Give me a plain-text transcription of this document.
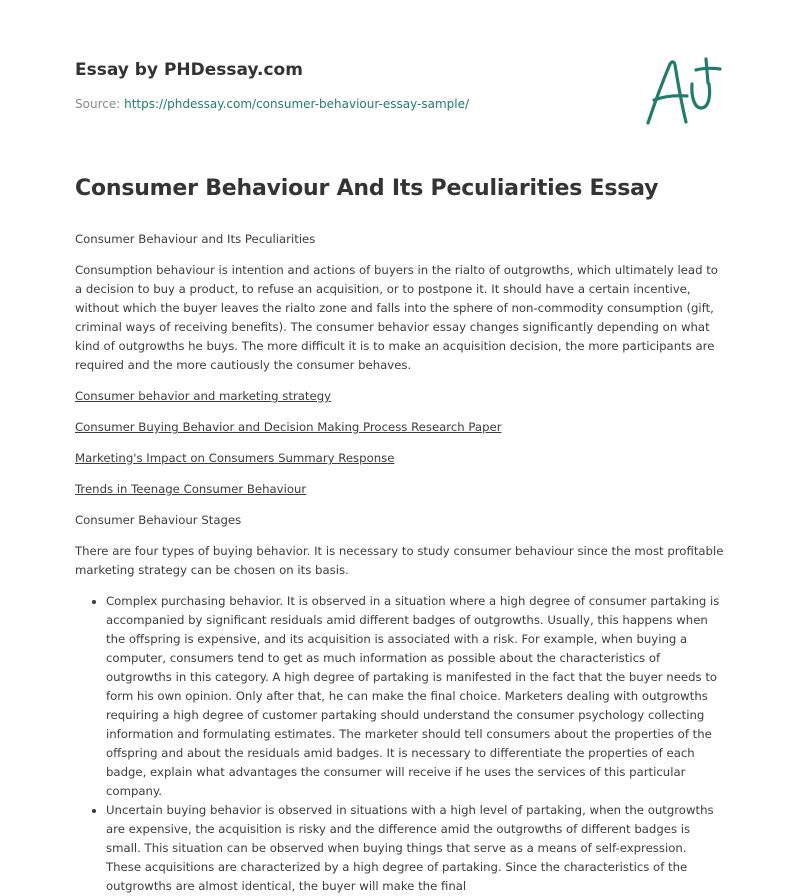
Essay by PHDessay.com
Source: https://phdessay.com/consumer-behaviour-essay-sample/
Consumer Behaviour And Its Peculiarities Essay

Consumer Behaviour and Its Peculiarities

Consumption behaviour is intention and actions of buyers in the rialto of outgrowths, which ultimately lead to a decision to buy a product, to refuse an acquisition, or to postpone it. It should have a certain incentive, without which the buyer leaves the rialto zone and falls into the sphere of non-commodity consumption (gift, criminal ways of receiving benefits). The consumer behavior essay changes significantly depending on what kind of outgrowths he buys. The more difficult it is to make an acquisition decision, the more participants are required and the more cautiously the consumer behaves.

Consumer behavior and marketing strategy

Consumer Buying Behavior and Decision Making Process Research Paper

Marketing's Impact on Consumers Summary Response

Trends in Teenage Consumer Behaviour

Consumer Behaviour Stages

There are four types of buying behavior. It is necessary to study consumer behaviour since the most profitable marketing strategy can be chosen on its basis.

• Complex purchasing behavior. It is observed in a situation where a high degree of consumer partaking is accompanied by significant residuals amid different badges of outgrowths. Usually, this happens when the offspring is expensive, and its acquisition is associated with a risk. For example, when buying a computer, consumers tend to get as much information as possible about the characteristics of outgrowths in this category. A high degree of partaking is manifested in the fact that the buyer needs to form his own opinion. Only after that, he can make the final choice. Marketers dealing with outgrowths requiring a high degree of customer partaking should understand the consumer psychology collecting information and formulating estimates. The marketer should tell consumers about the properties of the offspring and about the residuals amid badges. It is necessary to differentiate the properties of each badge, explain what advantages the consumer will receive if he uses the services of this particular company.
• Uncertain buying behavior is observed in situations with a high level of partaking, when the outgrowths are expensive, the acquisition is risky and the difference amid the outgrowths of different badges is small. This situation can be observed when buying things that serve as a means of self-expression. These acquisitions are characterized by a high degree of partaking. Since the characteristics of the outgrowths are almost identical, the buyer will make the final
